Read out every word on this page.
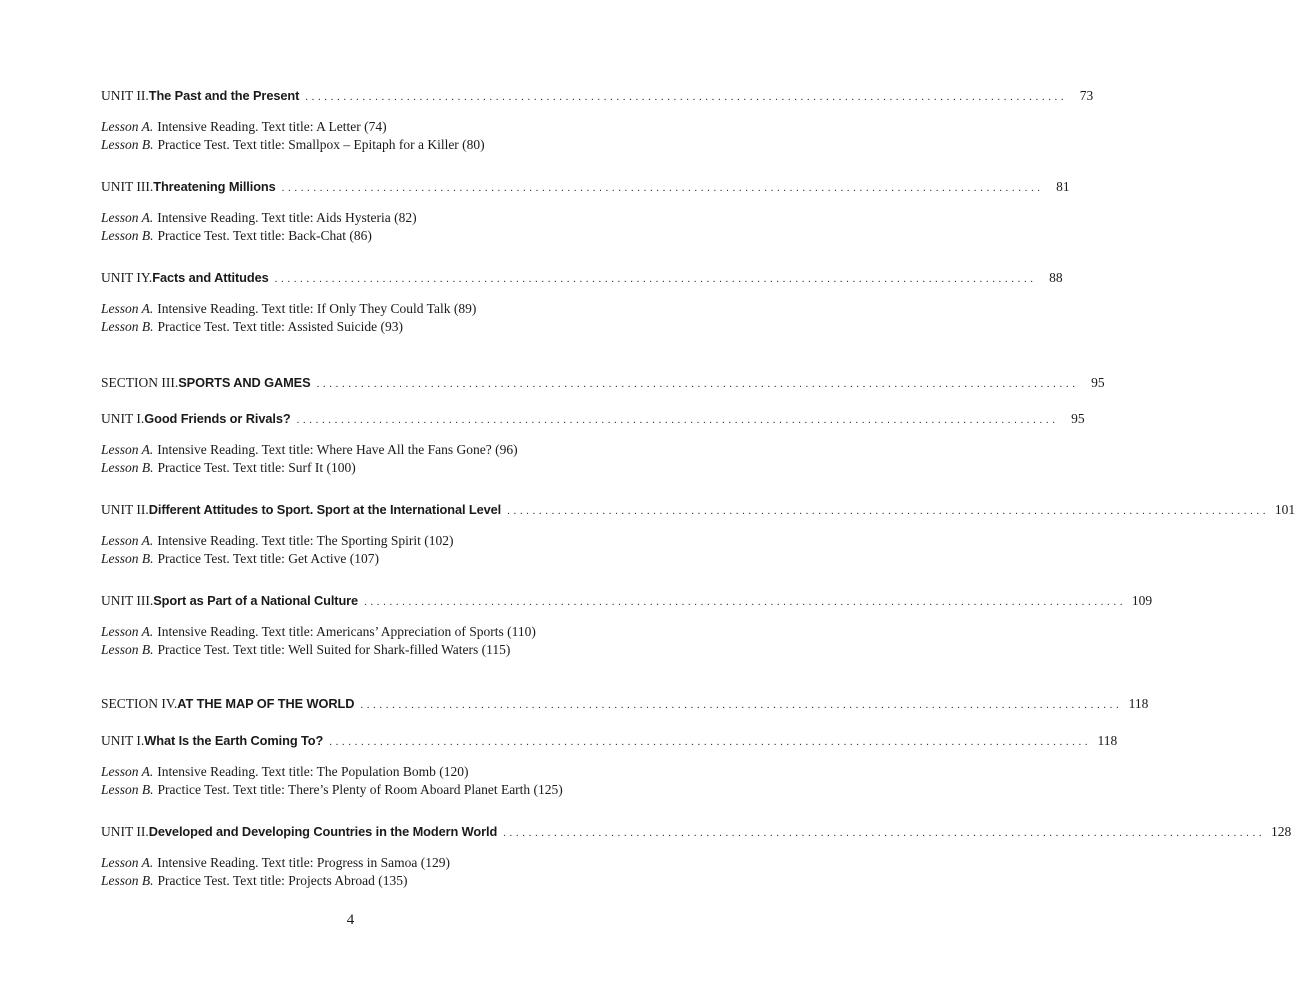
UNIT II. The Past and the Present ........................................................................................................................ 73
Lesson A. Intensive Reading. Text title: A Letter (74)
Lesson B. Practice Test. Text title: Smallpox – Epitaph for a Killer (80)
UNIT III. Threatening Millions ........................................................................................................................ 81
Lesson A. Intensive Reading. Text title: Aids Hysteria (82)
Lesson B. Practice Test. Text title: Back-Chat (86)
UNIT IY. Facts and Attitudes ........................................................................................................................ 88
Lesson A. Intensive Reading. Text title: If Only They Could Talk (89)
Lesson B. Practice Test. Text title: Assisted Suicide (93)
SECTION III. SPORTS AND GAMES ........................................................................................................................ 95
UNIT I. Good Friends or Rivals? ........................................................................................................................ 95
Lesson A. Intensive Reading. Text title: Where Have All the Fans Gone? (96)
Lesson B. Practice Test. Text title: Surf It (100)
UNIT II. Different Attitudes to Sport. Sport at the International Level ........................................................................................................................ 101
Lesson A. Intensive Reading. Text title: The Sporting Spirit (102)
Lesson B. Practice Test. Text title: Get Active (107)
UNIT III. Sport as Part of a National Culture ........................................................................................................................ 109
Lesson A. Intensive Reading. Text title: Americans’ Appreciation of Sports (110)
Lesson B. Practice Test. Text title: Well Suited for Shark-filled Waters (115)
SECTION IV. AT THE MAP OF THE WORLD ........................................................................................................................ 118
UNIT I. What Is the Earth Coming To? ........................................................................................................................ 118
Lesson A. Intensive Reading. Text title: The Population Bomb (120)
Lesson B. Practice Test. Text title: There’s Plenty of Room Aboard Planet Earth (125)
UNIT II. Developed and Developing Countries in the Modern World ........................................................................................................................ 128
Lesson A. Intensive Reading. Text title: Progress in Samoa (129)
Lesson B. Practice Test. Text title: Projects Abroad (135)
4
